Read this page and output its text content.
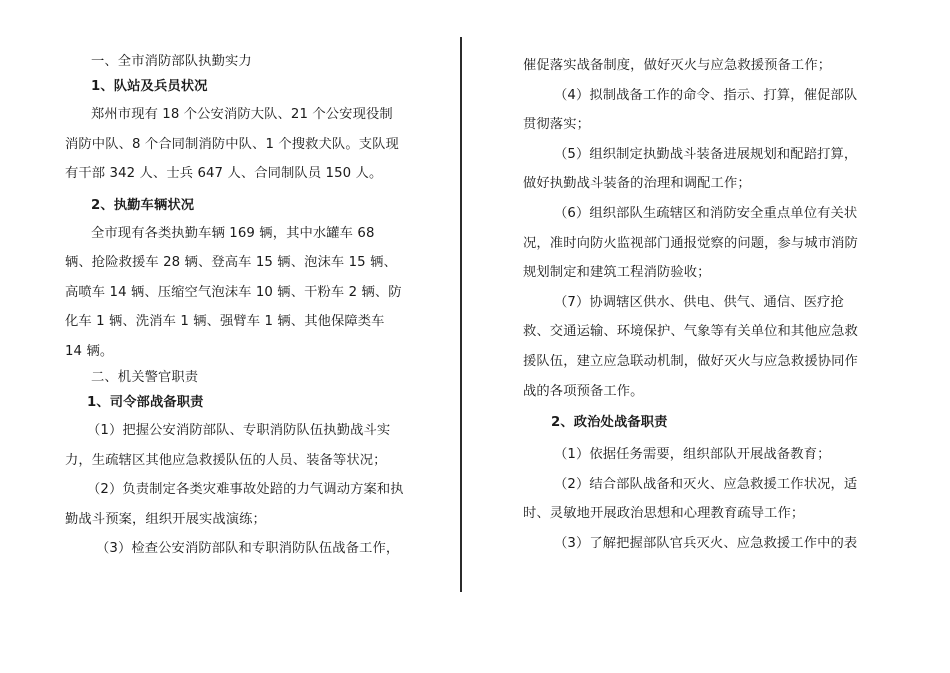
一、全市消防部队执勤实力

1、队站及兵员状况

郑州市现有 18 个公安消防大队、21 个公安现役制消防中队、8 个合同制消防中队、1 个搜救犬队。支队现有干部 342 人、士兵 647 人、合同制队员 150 人。

2、执勤车辆状况

全市现有各类执勤车辆 169 辆，其中水罐车 68 辆、抢险救援车 28 辆、登高车 15 辆、泡沫车 15 辆、高喷车 14 辆、压缩空气泡沫车 10 辆、干粉车 2 辆、防化车 1 辆、洗消车 1 辆、强臂车 1 辆、其他保障类车 14 辆。

二、机关警官职责

1、司令部战备职责

（1）把握公安消防部队、专职消防队伍执勤战斗实力，生疏辖区其他应急救援队伍的人员、装备等状况；

（2）负责制定各类灾难事故处踣的力气调动方案和执勤战斗预案，组织开展实战演练；

（3）检查公安消防部队和专职消防队伍战备工作，

催促落实战备制度，做好灭火与应急救援预备工作；

（4）拟制战备工作的命令、指示、打算，催促部队贯彻落实；

（5）组织制定执勤战斗装备进展规划和配踣打算，做好执勤战斗装备的治理和调配工作；

（6）组织部队生疏辖区和消防安全重点单位有关状况，准时向防火监视部门通报觉察的问题，参与城市消防规划制定和建筑工程消防验收；

（7）协调辖区供水、供电、供气、通信、医疗抢救、交通运输、环境保护、气象等有关单位和其他应急救援队伍，建立应急联动机制，做好灭火与应急救援协同作战的各项预备工作。

2、政治处战备职责

（1）依据任务需要，组织部队开展战备教育；

（2）结合部队战备和灭火、应急救援工作状况，适时、灵敏地开展政治思想和心理教育疏导工作；

（3）了解把握部队官兵灭火、应急救援工作中的表
